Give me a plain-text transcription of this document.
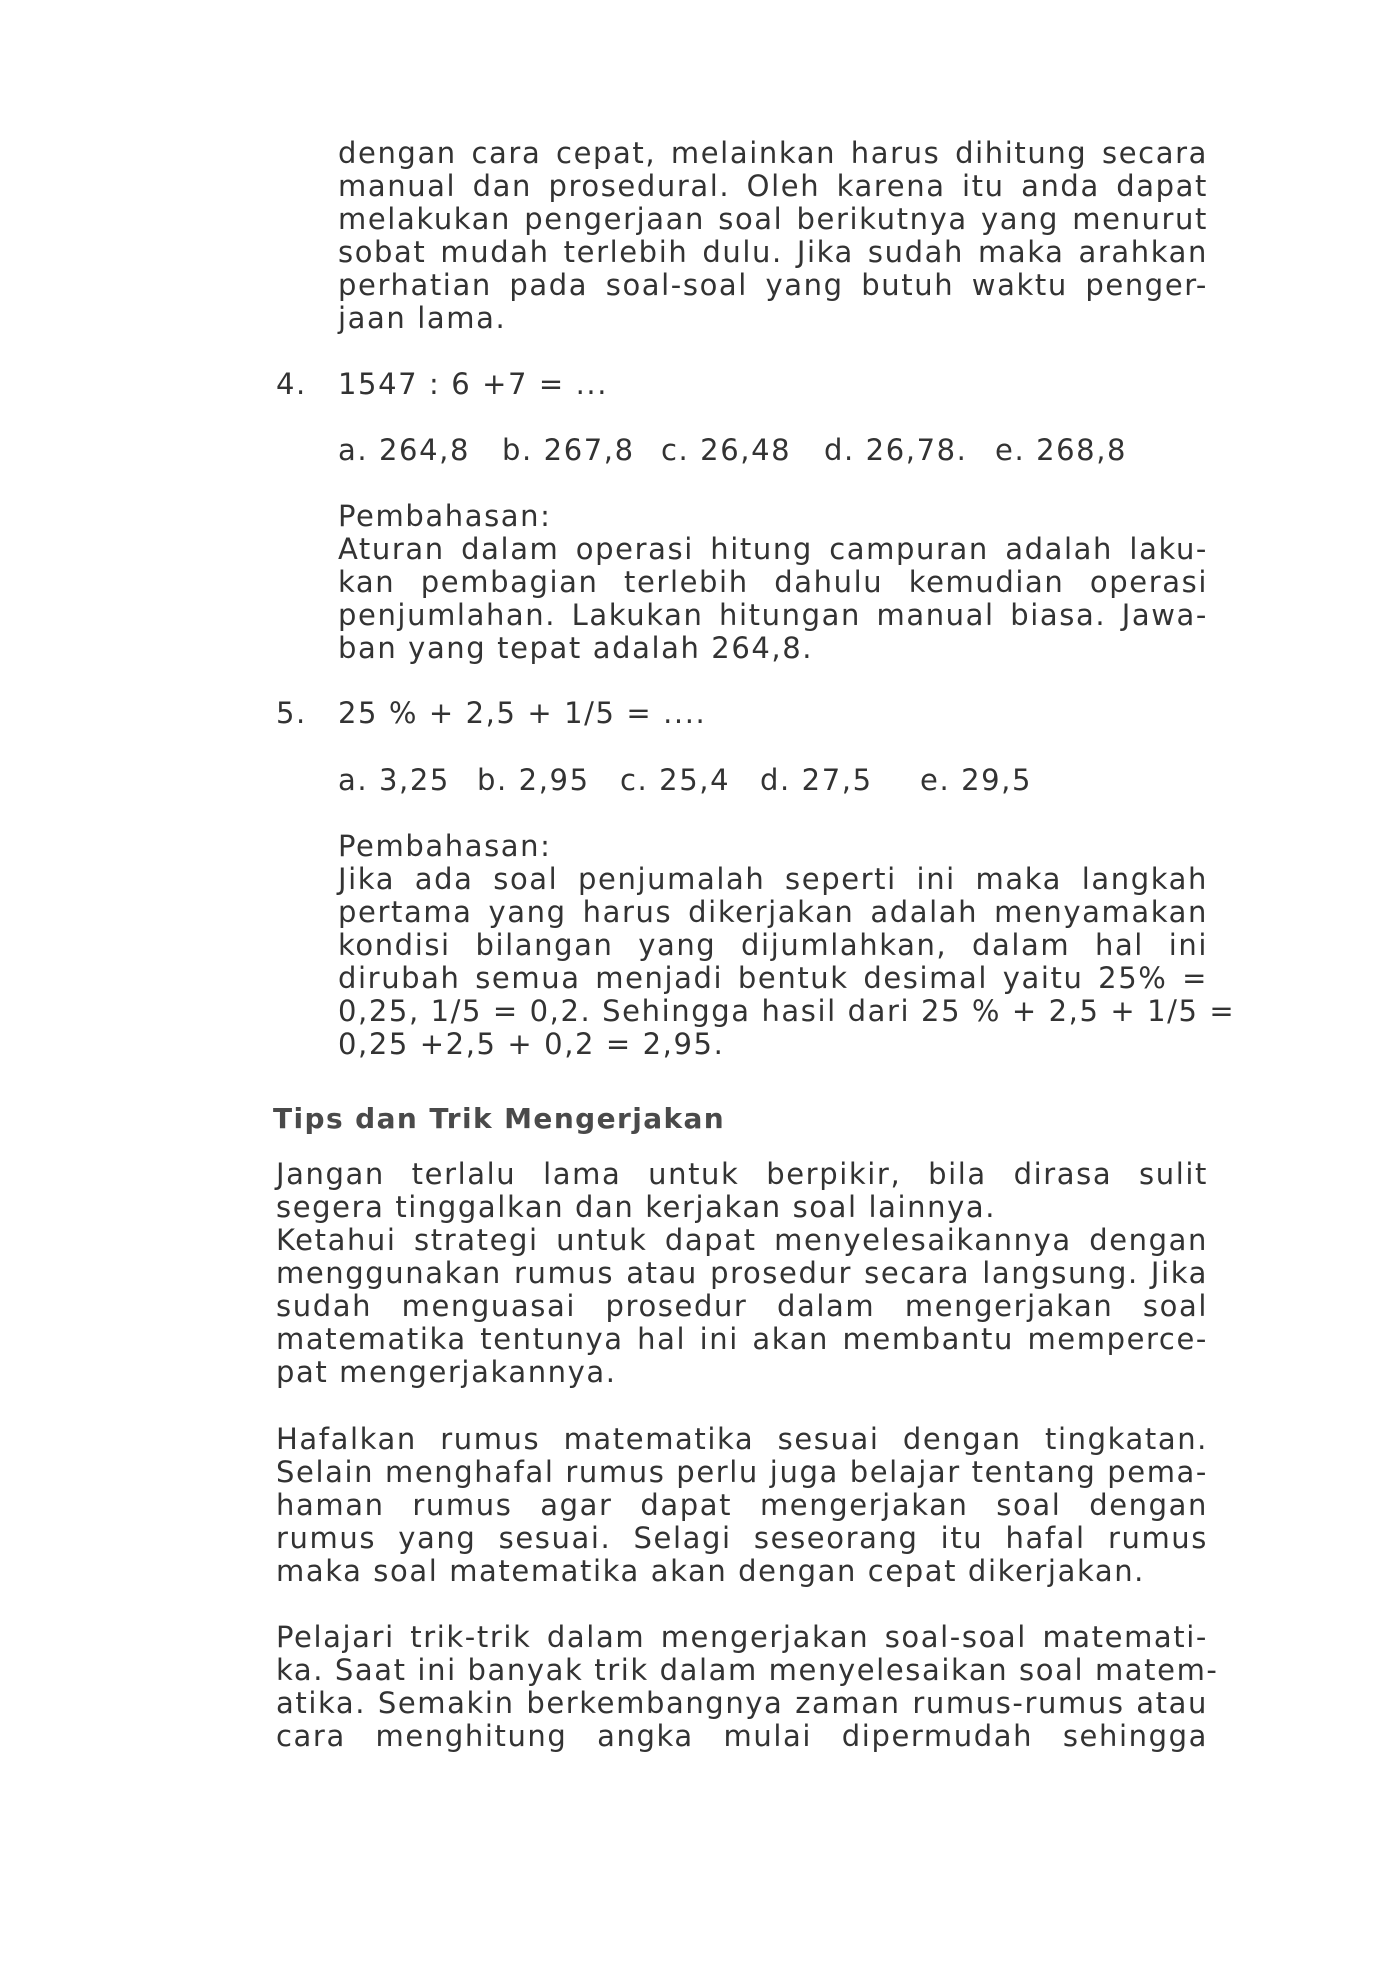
dengan cara cepat, melainkan harus dihitung secara
manual dan prosedural. Oleh karena itu anda dapat
melakukan pengerjaan soal berikutnya yang menurut
sobat mudah terlebih dulu. Jika sudah maka arahkan
perhatian pada soal-soal yang butuh waktu penger-
jaan lama.

4. 1547 : 6 +7 = ...
a. 264,8 b. 267,8 c. 26,48 d. 26,78. e. 268,8
Pembahasan:

Aturan dalam operasi hitung campuran adalah laku-
kan pembagian terlebih dahulu kemudian operasi
penjumlahan. Lakukan hitungan manual biasa. Jawa-
ban yang tepat adalah 264,8.

5. 25 % + 2,5 + 1/5 = ....
a. 3,25 b. 2,95 c. 25,4 d. 27,5 e. 29,5
Pembahasan:

Jika ada soal penjumalah seperti ini maka langkah
pertama yang harus dikerjakan adalah menyamakan
kondisi bilangan yang dijumlahkan, dalam hal ini
dirubah semua menjadi bentuk desimal yaitu 25% =
0,25, 1/5 = 0,2. Sehingga hasil dari 25 % + 2,5 + 1/5 =
0,25 +2,5 + 0,2 = 2,95.

Tips dan Trik Mengerjakan

Jangan terlalu lama untuk berpikir, bila dirasa sulit
segera tinggalkan dan kerjakan soal lainnya.
Ketahui strategi untuk dapat menyelesaikannya dengan
menggunakan rumus atau prosedur secara langsung. Jika
sudah menguasai prosedur dalam mengerjakan soal
matematika tentunya hal ini akan membantu memperce-
pat mengerjakannya.

Hafalkan rumus matematika sesuai dengan tingkatan.
Selain menghafal rumus perlu juga belajar tentang pema-
haman rumus agar dapat mengerjakan soal dengan
rumus yang sesuai. Selagi seseorang itu hafal rumus
maka soal matematika akan dengan cepat dikerjakan.

Pelajari trik-trik dalam mengerjakan soal-soal matemati-
ka. Saat ini banyak trik dalam menyelesaikan soal matem-
atika. Semakin berkembangnya zaman rumus-rumus atau
cara menghitung angka mulai dipermudah sehingga
